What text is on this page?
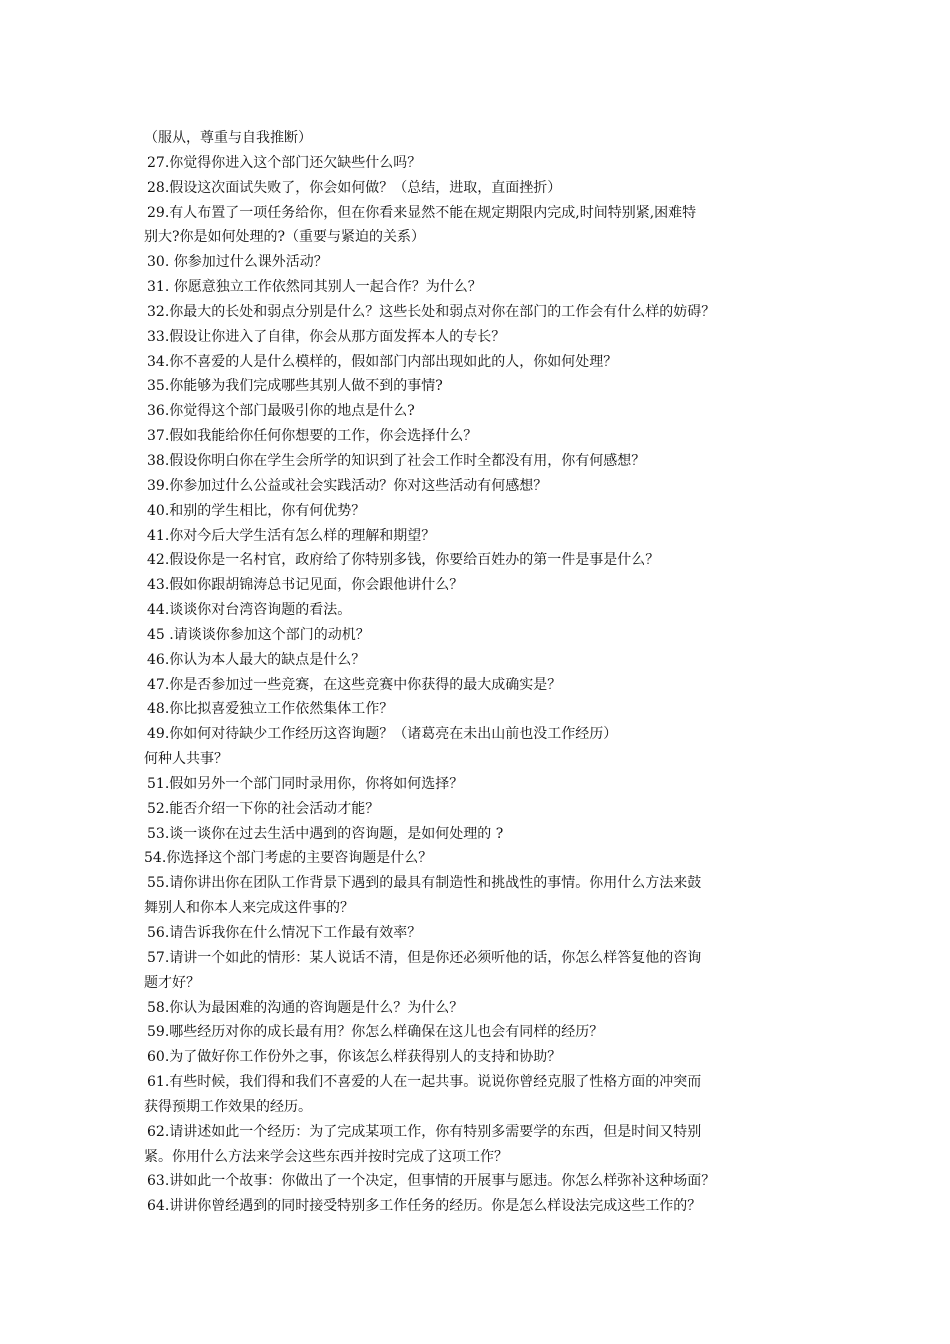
（服从，尊重与自我推断）
27.你觉得你进入这个部门还欠缺些什么吗？
28.假设这次面试失败了，你会如何做？（总结，进取，直面挫折）
29.有人布置了一项任务给你，但在你看来显然不能在规定期限内完成,时间特别紧,困难特
别大?你是如何处理的?（重要与紧迫的关系）
30. 你参加过什么课外活动？
31. 你愿意独立工作依然同其别人一起合作？为什么？
32.你最大的长处和弱点分别是什么？这些长处和弱点对你在部门的工作会有什么样的妨碍？
33.假设让你进入了自律，你会从那方面发挥本人的专长？
34.你不喜爱的人是什么模样的，假如部门内部出现如此的人，你如何处理？
35.你能够为我们完成哪些其别人做不到的事情?
36.你觉得这个部门最吸引你的地点是什么?
37.假如我能给你任何你想要的工作，你会选择什么？
38.假设你明白你在学生会所学的知识到了社会工作时全都没有用，你有何感想？
39.你参加过什么公益或社会实践活动？你对这些活动有何感想？
40.和别的学生相比，你有何优势？
41.你对今后大学生活有怎么样的理解和期望？
42.假设你是一名村官，政府给了你特别多钱，你要给百姓办的第一件是事是什么？
43.假如你跟胡锦涛总书记见面，你会跟他讲什么？
44.谈谈你对台湾咨询题的看法。
45 .请谈谈你参加这个部门的动机？
46.你认为本人最大的缺点是什么？
47.你是否参加过一些竞赛，在这些竞赛中你获得的最大成确实是？
48.你比拟喜爱独立工作依然集体工作？
49.你如何对待缺少工作经历这咨询题？（诸葛亮在未出山前也没工作经历）
何种人共事？
51.假如另外一个部门同时录用你，你将如何选择？
52.能否介绍一下你的社会活动才能？
53.谈一谈你在过去生活中遇到的咨询题，是如何处理的 ?
54.你选择这个部门考虑的主要咨询题是什么？
55.请你讲出你在团队工作背景下遇到的最具有制造性和挑战性的事情。你用什么方法来鼓
舞别人和你本人来完成这件事的？
56.请告诉我你在什么情况下工作最有效率？
57.请讲一个如此的情形：某人说话不清，但是你还必须听他的话，你怎么样答复他的咨询
题才好？
58.你认为最困难的沟通的咨询题是什么？为什么？
59.哪些经历对你的成长最有用？你怎么样确保在这儿也会有同样的经历？
60.为了做好你工作份外之事，你该怎么样获得别人的支持和协助？
61.有些时候，我们得和我们不喜爱的人在一起共事。说说你曾经克服了性格方面的冲突而
获得预期工作效果的经历。
62.请讲述如此一个经历：为了完成某项工作，你有特别多需要学的东西，但是时间又特别
紧。你用什么方法来学会这些东西并按时完成了这项工作？
63.讲如此一个故事：你做出了一个决定，但事情的开展事与愿违。你怎么样弥补这种场面？
64.讲讲你曾经遇到的同时接受特别多工作任务的经历。你是怎么样设法完成这些工作的？
